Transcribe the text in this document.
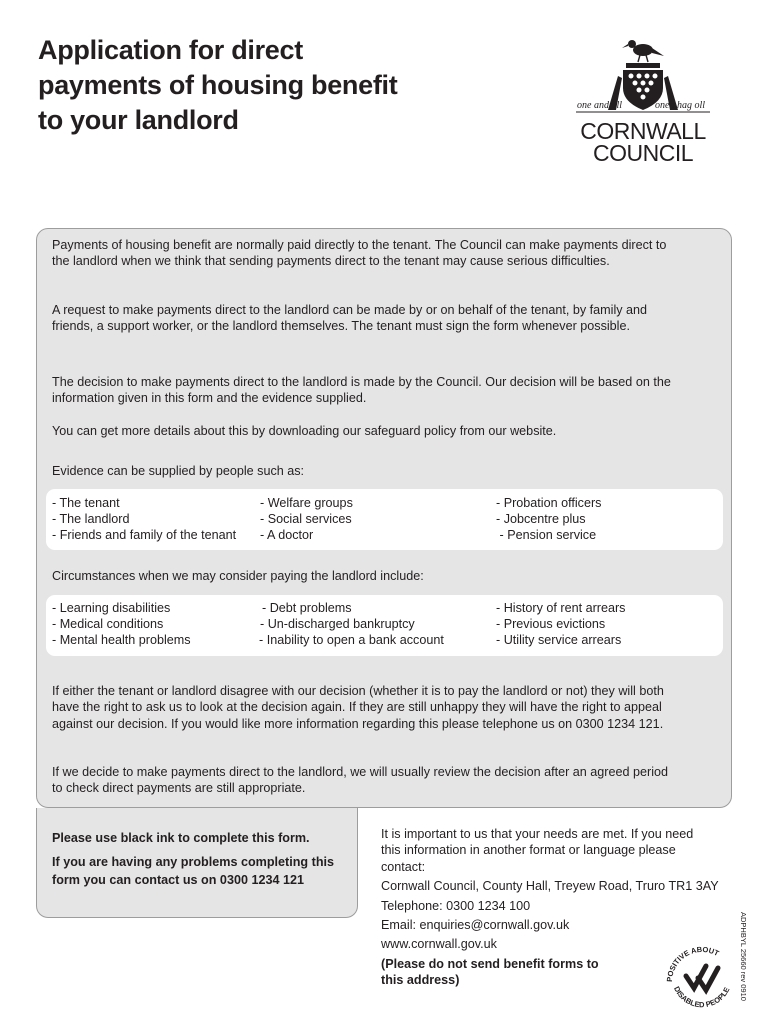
Application for direct
payments of housing benefit
to your landlord	one and all	onen hag oll
CORNWALL
COUNCIL

Payments of housing benefit are normally paid directly to the tenant. The Council can make payments direct to the landlord when we think that sending payments direct to the tenant may cause serious difficulties.

A request to make payments direct to the landlord can be made by or on behalf of the tenant, by family and friends, a support worker, or the landlord themselves. The tenant must sign the form whenever possible.

The decision to make payments direct to the landlord is made by the Council. Our decision will be based on the information given in this form and the evidence supplied.

You can get more details about this by downloading our safeguard policy from our website.

Evidence can be supplied by people such as:

- The tenant
- The landlord
- Friends and family of the tenant
- Welfare groups
- Social services
- A doctor
- Probation officers
- Jobcentre plus
- Pension service

Circumstances when we may consider paying the landlord include:

- Learning disabilities
- Medical conditions
- Mental health problems
- Debt problems
- Un-discharged bankruptcy
- Inability to open a bank account
- History of rent arrears
- Previous evictions
- Utility service arrears

If either the tenant or landlord disagree with our decision (whether it is to pay the landlord or not) they will both have the right to ask us to look at the decision again. If they are still unhappy they will have the right to appeal against our decision. If you would like more information regarding this please telephone us on 0300 1234 121.

If we decide to make payments direct to the landlord, we will usually review the decision after an agreed period to check direct payments are still appropriate.

Please use black ink to complete this form.

If you are having any problems completing this form you can contact us on 0300 1234 121

It is important to us that your needs are met. If you need this information in another format or language please contact:

Cornwall Council, County Hall, Treyew Road, Truro TR1 3AY

Telephone: 0300 1234 100

Email: enquiries@cornwall.gov.uk

www.cornwall.gov.uk

(Please do not send benefit forms to this address)	ADPHBYL 25660 rev 0910
POSITIVE ABOUT
DISABLED PEOPLE
